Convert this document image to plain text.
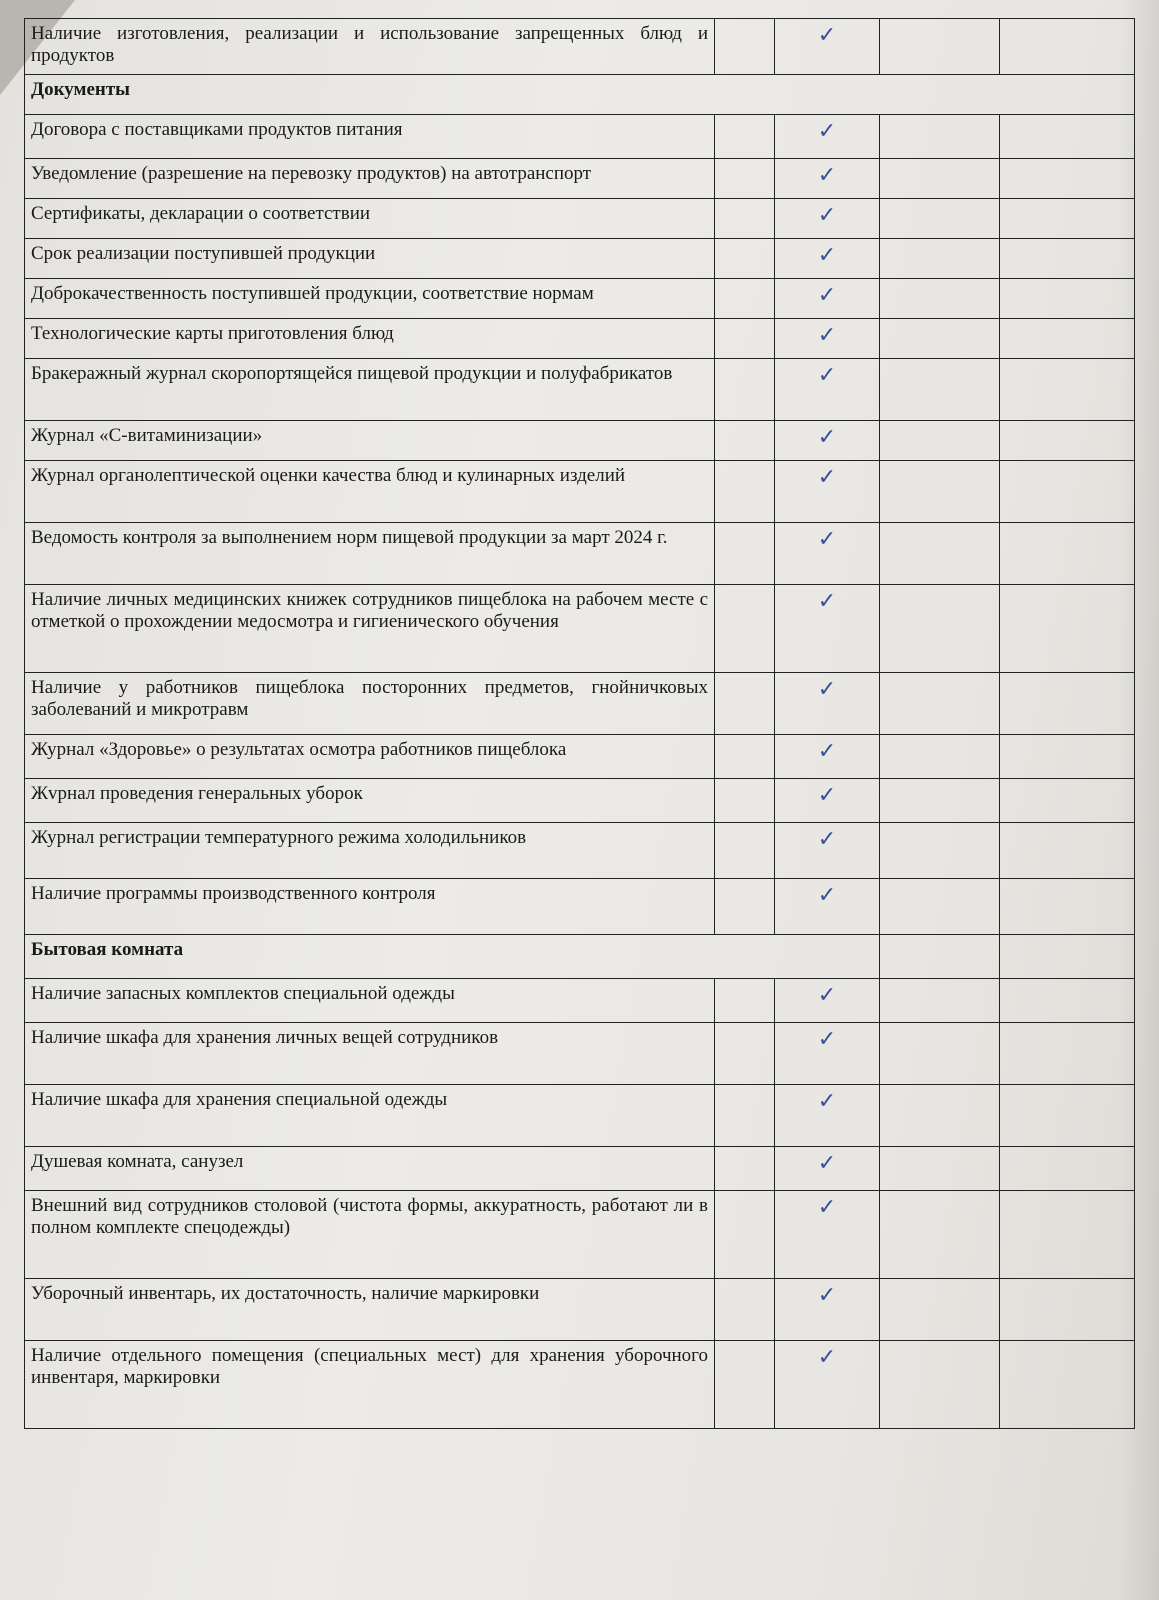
Наличие изготовления, реализации и использование запрещенных блюд и продуктов		✓		
Документы				
Договора с поставщиками продуктов питания		✓		
Уведомление (разрешение на перевозку продуктов) на автотранспорт		✓		
Сертификаты, декларации о соответствии		✓		
Срок реализации поступившей продукции		✓		
Доброкачественность поступившей продукции, соответствие нормам		✓		
Технологические карты приготовления блюд		✓		
Бракеражный журнал скоропортящейся пищевой продукции и полуфабрикатов		✓		
Журнал «С-витаминизации»		✓		
Журнал органолептической оценки качества блюд и кулинарных изделий		✓		
Ведомость контроля за выполнением норм пищевой продукции за март 2024 г.		✓		
Наличие личных медицинских книжек сотрудников пищеблока на рабочем месте с отметкой о прохождении медосмотра и гигиенического обучения		✓		
Наличие у работников пищеблока посторонних предметов, гнойничковых заболеваний и микротравм		✓		
Журнал «Здоровье» о результатах осмотра работников пищеблока		✓		
Жvрнал проведения генеральных уборок		✓		
Журнал регистрации температурного режима холодильников		✓		
Наличие программы производственного контроля		✓		
Бытовая комната				
Наличие запасных комплектов специальной одежды		✓		
Наличие шкафа для хранения личных вещей сотрудников		✓		
Наличие шкафа для хранения специальной одежды		✓		
Душевая комната, санузел		✓		
Внешний вид сотрудников столовой (чистота формы, аккуратность, работают ли в полном комплекте спецодежды)		✓		
Уборочный инвентарь, их достаточность, наличие маркировки		✓		
Наличие отдельного помещения (специальных мест) для хранения уборочного инвентаря, маркировки		✓		
